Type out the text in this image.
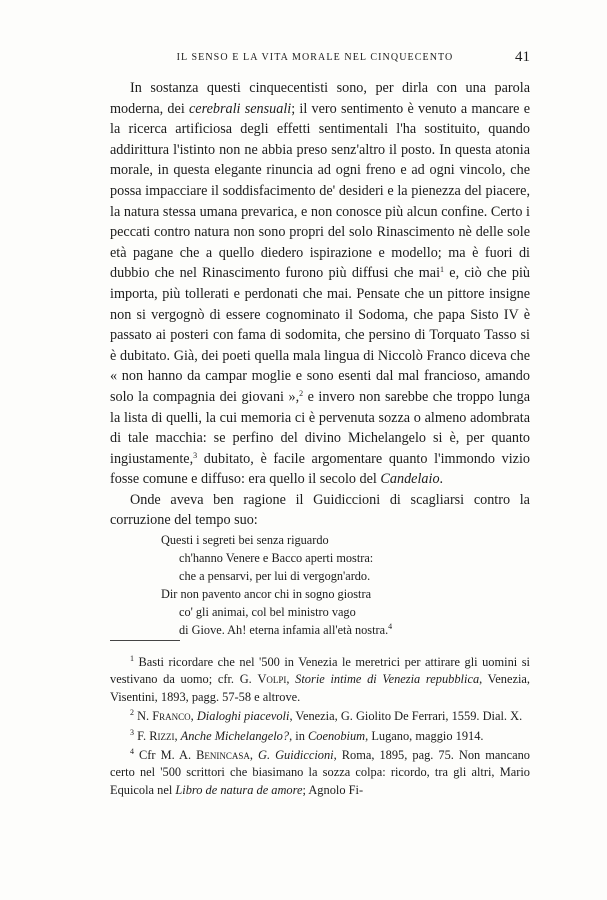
IL SENSO E LA VITA MORALE NEL CINQUECENTO	41

In sostanza questi cinquecentisti sono, per dirla con una parola moderna, dei cerebrali sensuali; il vero sentimento è venuto a mancare e la ricerca artificiosa degli effetti sentimentali l'ha sostituito, quando addirittura l'istinto non ne abbia preso senz'altro il posto. In questa atonia morale, in questa elegante rinuncia ad ogni freno e ad ogni vincolo, che possa impacciare il soddisfacimento de' desideri e la pienezza del piacere, la natura stessa umana prevarica, e non conosce più alcun confine. Certo i peccati contro natura non sono propri del solo Rinascimento nè delle sole età pagane che a quello diedero ispirazione e modello; ma è fuori di dubbio che nel Rinascimento furono più diffusi che mai$^1$ e, ciò che più importa, più tollerati e perdonati che mai. Pensate che un pittore insigne non si vergognò di essere cognominato il Sodoma, che papa Sisto IV è passato ai posteri con fama di sodomita, che persino di Torquato Tasso si è dubitato. Già, dei poeti quella mala lingua di Niccolò Franco diceva che « non hanno da campar moglie e sono esenti dal mal francioso, amando solo la compagnia dei giovani »,$^2$ e invero non sarebbe che troppo lunga la lista di quelli, la cui memoria ci è pervenuta sozza o almeno adombrata di tale macchia: se perfino del divino Michelangelo si è, per quanto ingiustamente,$^3$ dubitato, è facile argomentare quanto l'immondo vizio fosse comune e diffuso: era quello il secolo del Candelaio.

Onde aveva ben ragione il Guidiccioni di scagliarsi contro la corruzione del tempo suo:

Questi i segreti bei senza riguardo
ch'hanno Venere e Bacco aperti mostra:
che a pensarvi, per lui di vergogn'ardo.
Dir non pavento ancor chi in sogno giostra
co' gli animai, col bel ministro vago
di Giove. Ah! eterna infamia all'età nostra.$^4$

$^1$ Basti ricordare che nel '500 in Venezia le meretrici per attirare gli uomini si vestivano da uomo; cfr. G. Volpi, Storie intime di Venezia repubblica, Venezia, Visentini, 1893, pagg. 57-58 e altrove.

$^2$ N. Franco, Dialoghi piacevoli, Venezia, G. Giolito De Ferrari, 1559. Dial. X.

$^3$ F. Rizzi, Anche Michelangelo?, in Coenobium, Lugano, maggio 1914.

$^4$ Cfr M. A. Benincasa, G. Guidiccioni, Roma, 1895, pag. 75. Non mancano certo nel '500 scrittori che biasimano la sozza colpa: ricordo, tra gli altri, Mario Equicola nel Libro de natura de amore; Agnolo Fi-
